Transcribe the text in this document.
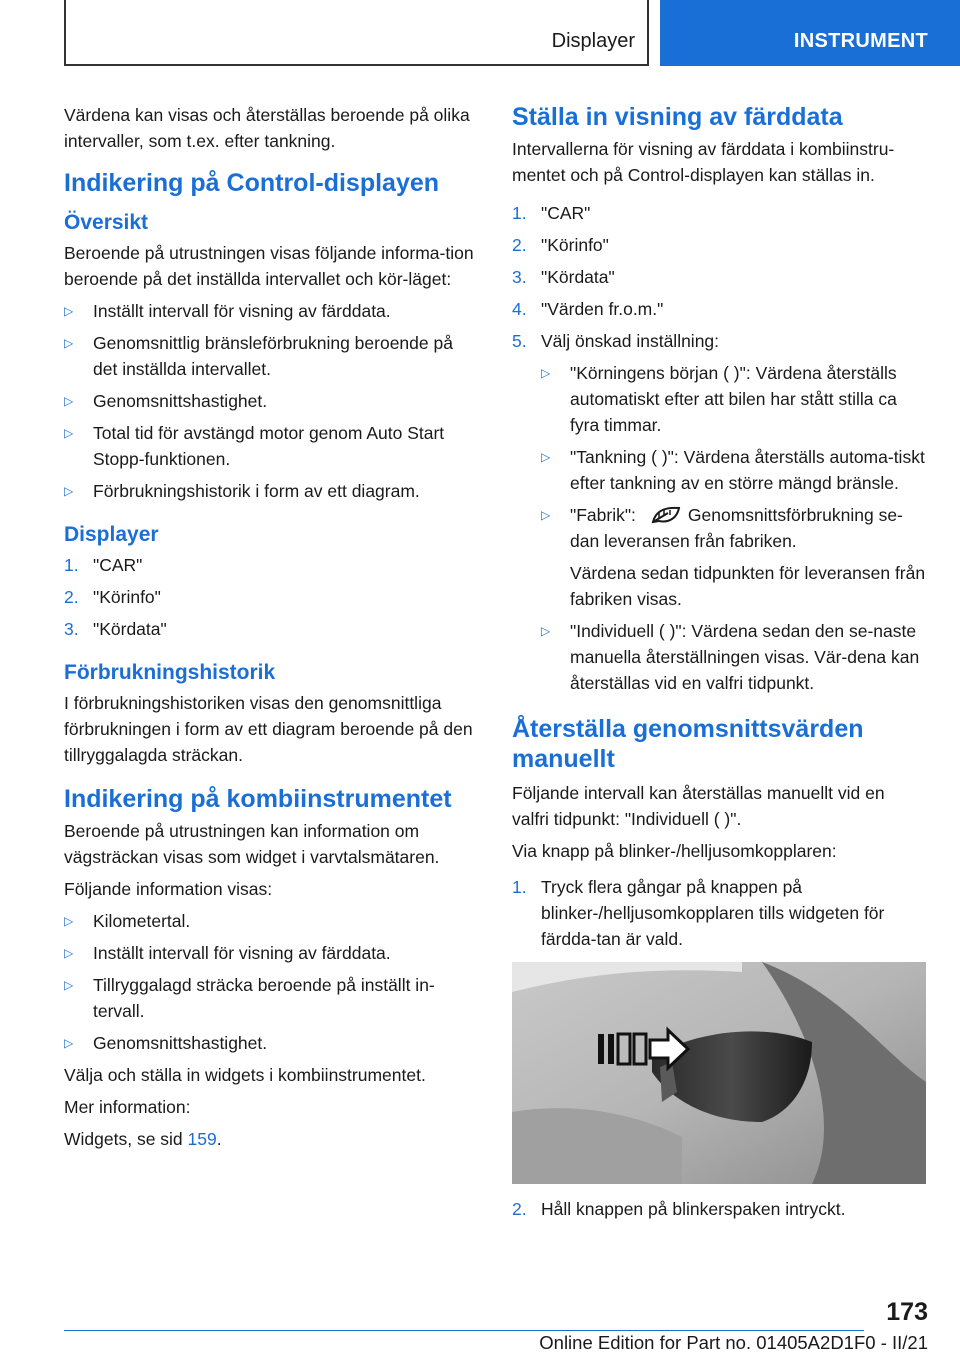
Displayer	INSTRUMENT

Värdena kan visas och återställas beroende på olika intervaller, som t.ex. efter tankning.

Indikering på Control-displayen
Översikt

Beroende på utrustningen visas följande informa-tion beroende på det inställda intervallet och kör-läget:

▷ Inställt intervall för visning av färddata.
▷ Genomsnittlig bränsleförbrukning beroende på det inställda intervallet.
▷ Genomsnittshastighet.
▷ Total tid för avstängd motor genom Auto Start Stopp-funktionen.
▷ Förbrukningshistorik i form av ett diagram.
Displayer
1. "CAR"
2. "Körinfo"
3. "Kördata"
Förbrukningshistorik

I förbrukningshistoriken visas den genomsnittliga förbrukningen i form av ett diagram beroende på den tillryggalagda sträckan.

Indikering på kombiinstrumentet

Beroende på utrustningen kan information om vägsträckan visas som widget i varvtalsmätaren.

Följande information visas:

▷ Kilometertal.
▷ Inställt intervall för visning av färddata.
▷ Tillryggalagd sträcka beroende på inställt in-tervall.
▷ Genomsnittshastighet.

Välja och ställa in widgets i kombiinstrumentet.

Mer information:

Widgets, se sid 159.

Ställa in visning av färddata

Intervallerna för visning av färddata i kombiinstru-mentet och på Control-displayen kan ställas in.

1. "CAR"
2. "Körinfo"
3. "Kördata"
4. "Värden fr.o.m."
5. Välj önskad inställning:
▷ "Körningens början ( )": Värdena återställs automatiskt efter att bilen har stått stilla ca fyra timmar.
▷ "Tankning ( )": Värdena återställs automa-tiskt efter tankning av en större mängd bränsle.
▷ "Fabrik":	Genomsnittsförbrukning se-dan leveransen från fabriken.
Värdena sedan tidpunkten för leveransen från fabriken visas.
▷ "Individuell ( )": Värdena sedan den se-naste manuella återställningen visas. Vär-dena kan återställas vid en valfri tidpunkt.
Återställa genomsnittsvärden manuellt

Följande intervall kan återställas manuellt vid en valfri tidpunkt: "Individuell ( )".

Via knapp på blinker-/helljusomkopplaren:

1. Tryck flera gångar på knappen på blinker-/helljusomkopplaren tills widgeten för färdda-tan är vald.
2. Håll knappen på blinkerspaken intryckt.
173
Online Edition for Part no. 01405A2D1F0 - II/21
